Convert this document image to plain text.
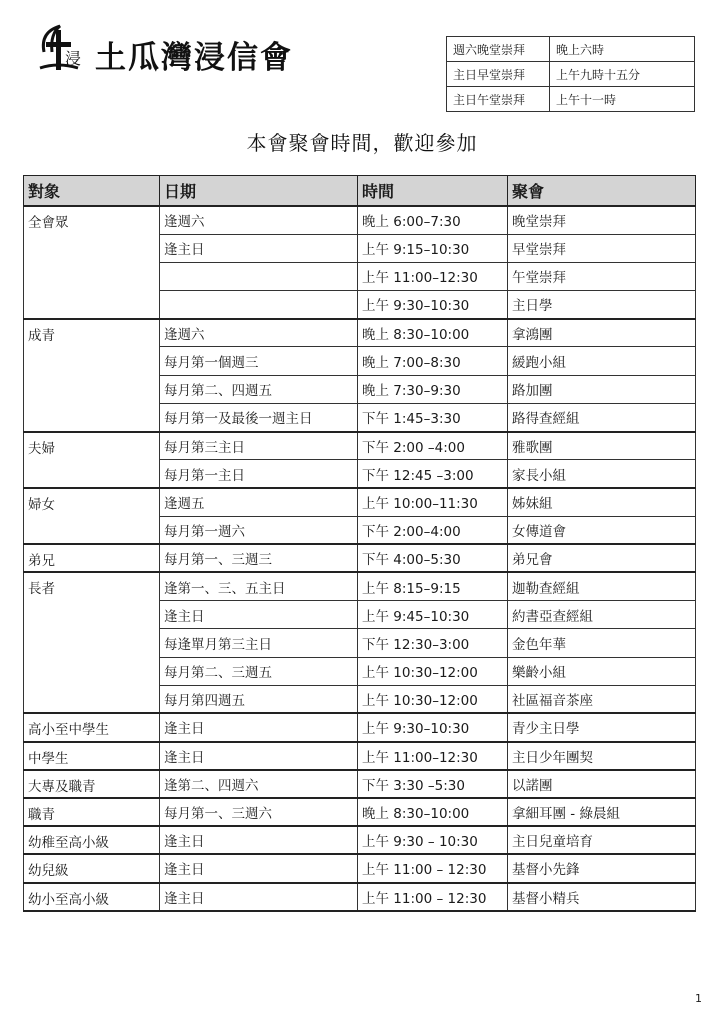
浸 土瓜灣浸信會	週六晚堂崇拜	晚上六時
主日早堂崇拜	上午九時十五分
主日午堂崇拜	上午十一時
本會聚會時間，歡迎參加
對象	日期	時間	聚會
全會眾	逢週六	晚上 6:00–7:30	晚堂崇拜
	逢主日	上午 9:15–10:30	早堂崇拜
		上午 11:00–12:30	午堂崇拜
		上午 9:30–10:30	主日學
成青	逢週六	晚上 8:30–10:00	拿鴻團
	每月第一個週三	晚上 7:00–8:30	緩跑小組
	每月第二、四週五	晚上 7:30–9:30	路加團
	每月第一及最後一週主日	下午 1:45–3:30	路得查經組
夫婦	每月第三主日	下午 2:00 –4:00	雅歌團
	每月第一主日	下午 12:45 –3:00	家長小組
婦女	逢週五	上午 10:00–11:30	姊妹組
	每月第一週六	下午 2:00–4:00	女傳道會
弟兄	每月第一、三週三	下午 4:00–5:30	弟兄會
長者	逢第一、三、五主日	上午 8:15–9:15	迦勒查經組
	逢主日	上午 9:45–10:30	約書亞查經組
	每逢單月第三主日	下午 12:30–3:00	金色年華
	每月第二、三週五	上午 10:30–12:00	樂齡小組
	每月第四週五	上午 10:30–12:00	社區福音茶座
高小至中學生	逢主日	上午 9:30–10:30	青少主日學
中學生	逢主日	上午 11:00–12:30	主日少年團契
大專及職青	逢第二、四週六	下午 3:30 –5:30	以諾團
職青	每月第一、三週六	晚上 8:30–10:00	拿細耳團 - 綠晨組
幼稚至高小級	逢主日	上午 9:30 – 10:30	主日兒童培育
幼兒級	逢主日	上午 11:00 – 12:30	基督小先鋒
幼小至高小級	逢主日	上午 11:00 – 12:30	基督小精兵
1
